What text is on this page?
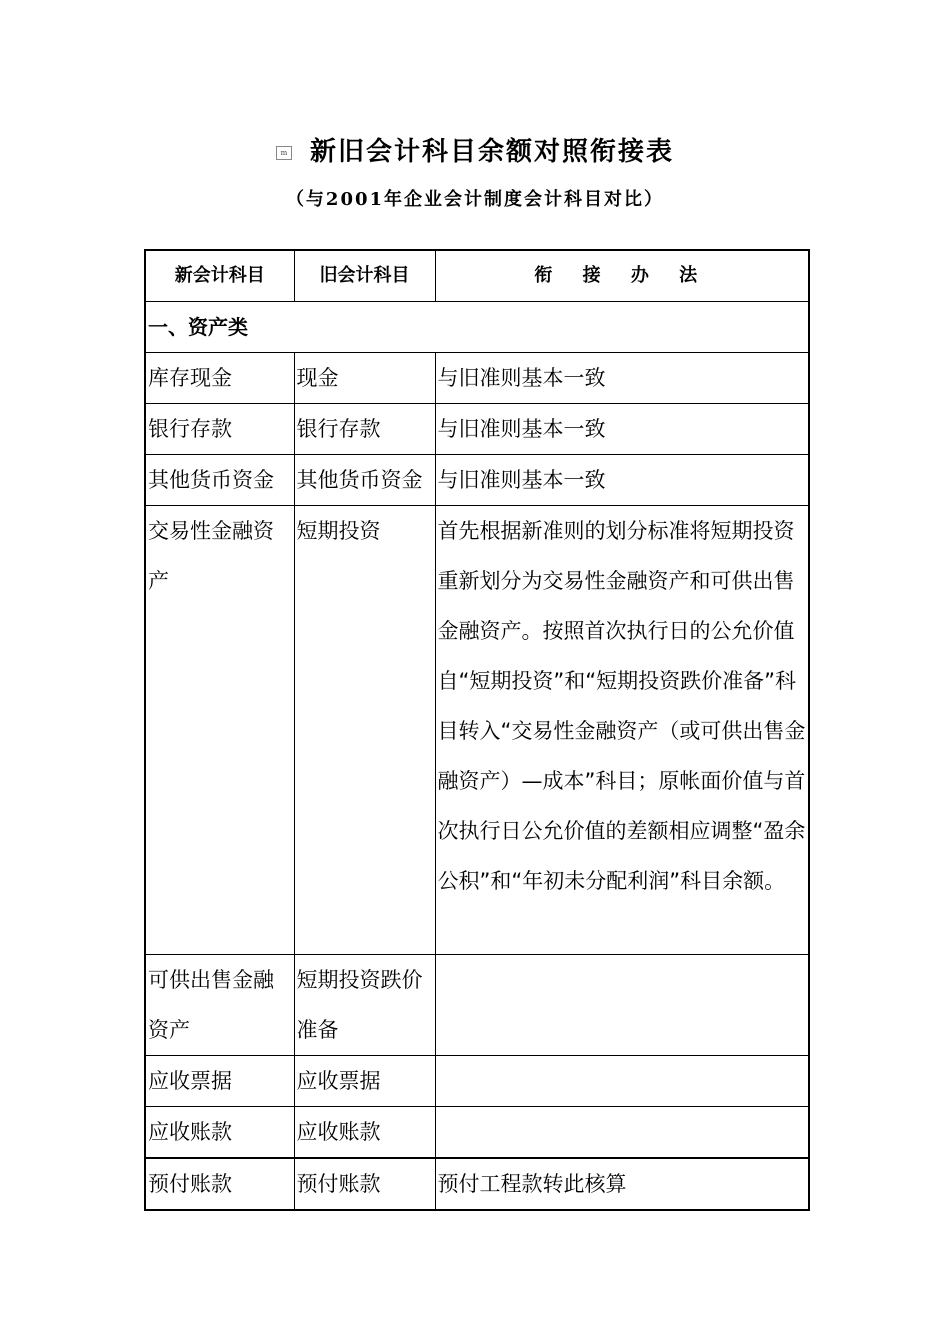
m 新旧会计科目余额对照衔接表
（与2001年企业会计制度会计科目对比）
新会计科目	旧会计科目	衔 接 办 法
一、资产类		
库存现金	现金	与旧准则基本一致
银行存款	银行存款	与旧准则基本一致
其他货币资金	其他货币资金	与旧准则基本一致
交易性金融资产	短期投资	首先根据新准则的划分标准将短期投资重新划分为交易性金融资产和可供出售金融资产。按照首次执行日的公允价值自“短期投资”和“短期投资跌价准备”科目转入“交易性金融资产（或可供出售金融资产）—成本”科目；原帐面价值与首次执行日公允价值的差额相应调整“盈余公积”和“年初未分配利润”科目余额。
可供出售金融资产	短期投资跌价准备	
应收票据	应收票据	
应收账款	应收账款	
预付账款	预付账款	预付工程款转此核算
